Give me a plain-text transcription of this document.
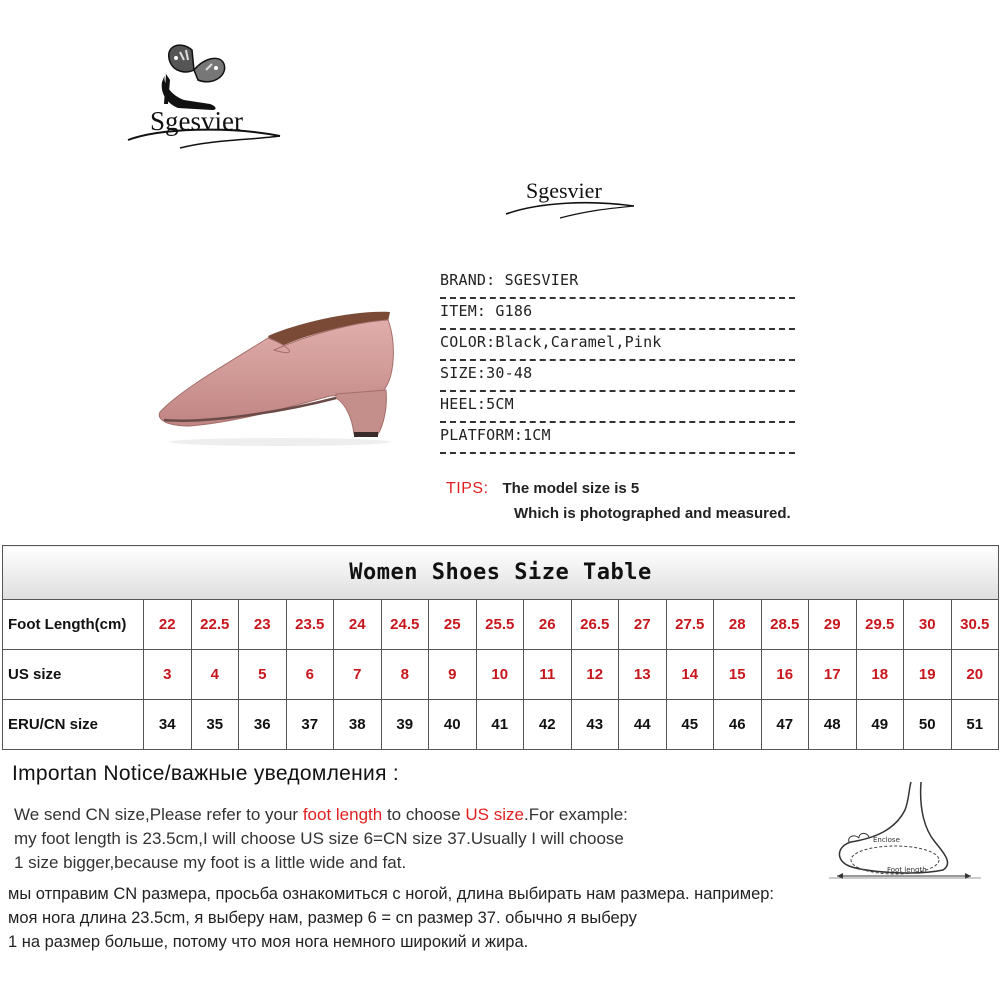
Sgesvier
Sgesvier
BRAND: SGESVIER
ITEM: G186
COLOR:Black,Caramel,Pink
SIZE:30-48
HEEL:5CM
PLATFORM:1CM
TIPS: The model size is 5
Which is photographed and measured.
Women Shoes Size Table																		
Foot Length(cm)	22	22.5	23	23.5	24	24.5	25	25.5	26	26.5	27	27.5	28	28.5	29	29.5	30	30.5
US size	3	4	5	6	7	8	9	10	11	12	13	14	15	16	17	18	19	20
ERU/CN size	34	35	36	37	38	39	40	41	42	43	44	45	46	47	48	49	50	51
Importan Notice/важные уведомления :
We send CN size,Please refer to your foot length to choose US size.For example:
my foot length is 23.5cm,I will choose US size 6=CN size 37.Usually I will choose
1 size bigger,because my foot is a little wide and fat.
мы отправим CN размера, просьба ознакомиться с ногой, длина выбирать нам размера. например:
моя нога длина 23.5cm, я выберу нам, размер 6 = cn размер 37. обычно я выберу
1 на размер больше, потому что моя нога немного широкий и жира.
Enclose
Foot length
